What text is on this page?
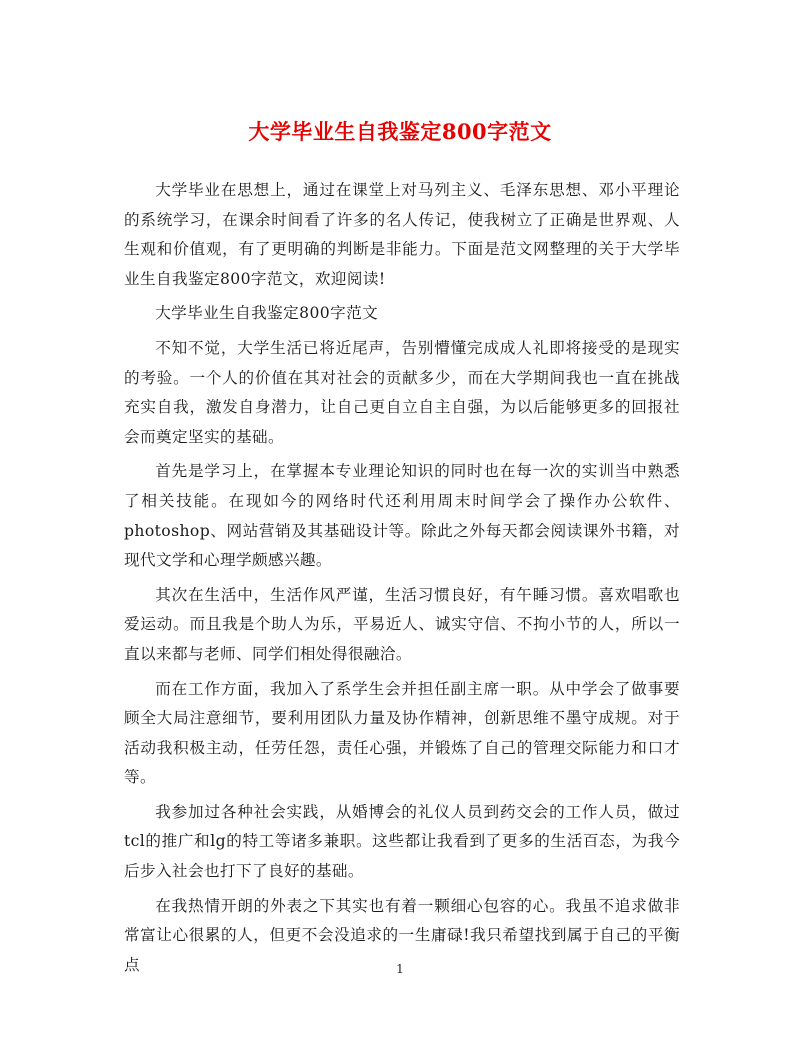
大学毕业生自我鉴定800字范文

大学毕业在思想上，通过在课堂上对马列主义、毛泽东思想、邓小平理论的系统学习，在课余时间看了许多的名人传记，使我树立了正确是世界观、人生观和价值观，有了更明确的判断是非能力。下面是范文网整理的关于大学毕业生自我鉴定800字范文，欢迎阅读!

大学毕业生自我鉴定800字范文

不知不觉，大学生活已将近尾声，告别懵懂完成成人礼即将接受的是现实的考验。一个人的价值在其对社会的贡献多少，而在大学期间我也一直在挑战充实自我，激发自身潜力，让自己更自立自主自强，为以后能够更多的回报社会而奠定坚实的基础。

首先是学习上，在掌握本专业理论知识的同时也在每一次的实训当中熟悉了相关技能。在现如今的网络时代还利用周末时间学会了操作办公软件、photoshop、网站营销及其基础设计等。除此之外每天都会阅读课外书籍，对现代文学和心理学颇感兴趣。

其次在生活中，生活作风严谨，生活习惯良好，有午睡习惯。喜欢唱歌也爱运动。而且我是个助人为乐，平易近人、诚实守信、不拘小节的人，所以一直以来都与老师、同学们相处得很融洽。

而在工作方面，我加入了系学生会并担任副主席一职。从中学会了做事要顾全大局注意细节，要利用团队力量及协作精神，创新思维不墨守成规。对于活动我积极主动，任劳任怨，责任心强，并锻炼了自己的管理交际能力和口才等。

我参加过各种社会实践，从婚博会的礼仪人员到药交会的工作人员，做过tcl的推广和lg的特工等诸多兼职。这些都让我看到了更多的生活百态，为我今后步入社会也打下了良好的基础。

在我热情开朗的外表之下其实也有着一颗细心包容的心。我虽不追求做非常富让心很累的人，但更不会没追求的一生庸碌!我只希望找到属于自己的平衡点	1
